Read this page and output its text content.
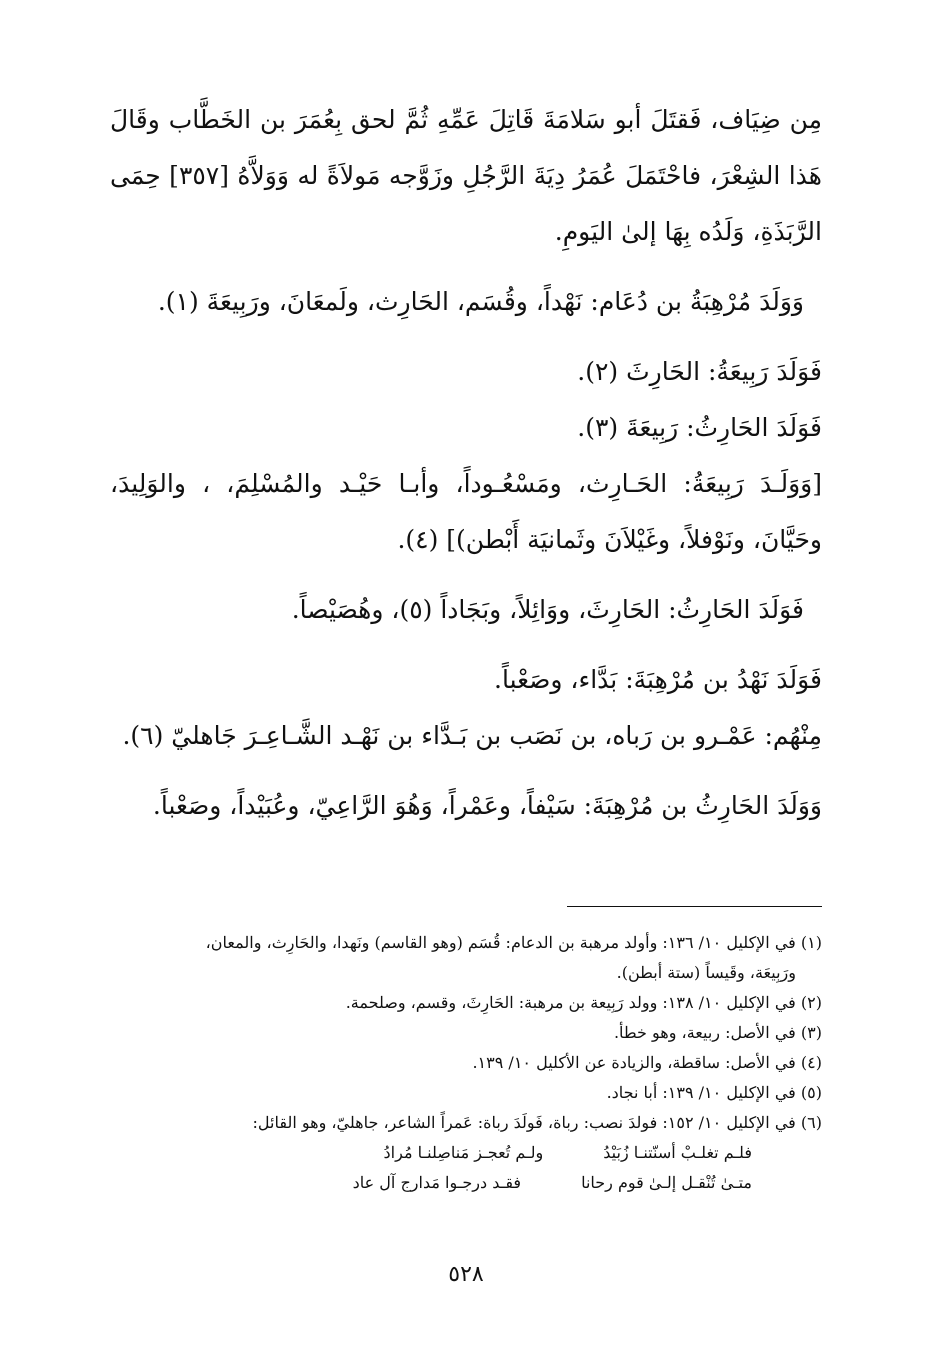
مِن ضِيَاف، فَقتَلَ أبو سَلامَةَ قَاتِلَ عَمِّهِ ثُمَّ لحق بِعُمَرَ بن الخَطَّاب وقَالَ هَذا الشِعْرَ، فاحْتَمَلَ عُمَرُ دِيَةَ الرَّجُلِ وزَوَّجه مَولاَةً له وَوَلاَّهُ [٣٥٧] حِمَى الرَّبَذَةِ، وَلَدُه بِهَا إلىٰ اليَومِ.

وَوَلَدَ مُرْهِبَةُ بن دُعَام: نَهْداً، وقُسَم، الحَارِث، ولَمعَانَ، ورَبِيعَةَ (١).

فَوَلَدَ رَبِيعَةُ: الحَارِثَ (٢).

فَوَلَدَ الحَارِثُ: رَبِيعَةَ (٣).

[وَوَلَـدَ رَبِيعَةُ: الحَـارِث، ومَسْعُـوداً، وأبـا حَيْـد والمُسْلِمَ، ، والوَلِيدَ، وحَيَّانَ، ونَوْفلاً، وغَيْلاَنَ وثَمانيَة أَبْطن)] (٤).

فَوَلَدَ الحَارِثُ: الحَارِثَ، ووَائِلاً، وبَجَاداً (٥)، وهُصَيْصاً.

فَوَلَدَ نَهْدُ بن مُرْهِبَةَ: بَدَّاء، وصَعْباً.

مِنْهُم: عَمْـرو بن رَباه، بن نَصَب بن بَـدَّاء بن نَهْـد الشَّـاعِـرَ جَاهليّ (٦).

وَوَلَدَ الحَارِثُ بن مُرْهِبَةَ: سَيْفاً، وعَمْراً، وَهُوَ الرَّاعِيّ، وعُبَيْداً، وصَعْباً.

(١) في الإكليل ١٠/ ١٣٦: وأولد مرهبة بن الدعام: قُسَم (وهو القاسم) ونَهدا، والحَارِث، والمعان،
ورَبِيعَة، وقَيساً (ستة أبطن).

(٢) في الإكليل ١٠/ ١٣٨: وولد رَبِيعة بن مرهبة: الحَارِثَ، وقسم، وصلحمة.

(٣) في الأصل: ربيعة، وهو خطأ.

(٤) في الأصل: ساقطة، والزيادة عن الأكليل ١٠/ ١٣٩.

(٥) في الإكليل ١٠/ ١٣٩: أبا نجاد.

(٦) في الإكليل ١٠/ ١٥٢: فولدَ نصب: رباة، فَولَدَ رباة: عَمراً الشاعر، جاهليّ، وهو القائل:

فلـم تغلـبْ أسنّتنـا زُبَيْدُ
ولـم تُعجـز مَناصِلنـا مُرادُ

متـىٰ تُنْقـل إلـىٰ قوم رحانا
فقـد درجـوا مَدارج آل عاد

٥٢٨
